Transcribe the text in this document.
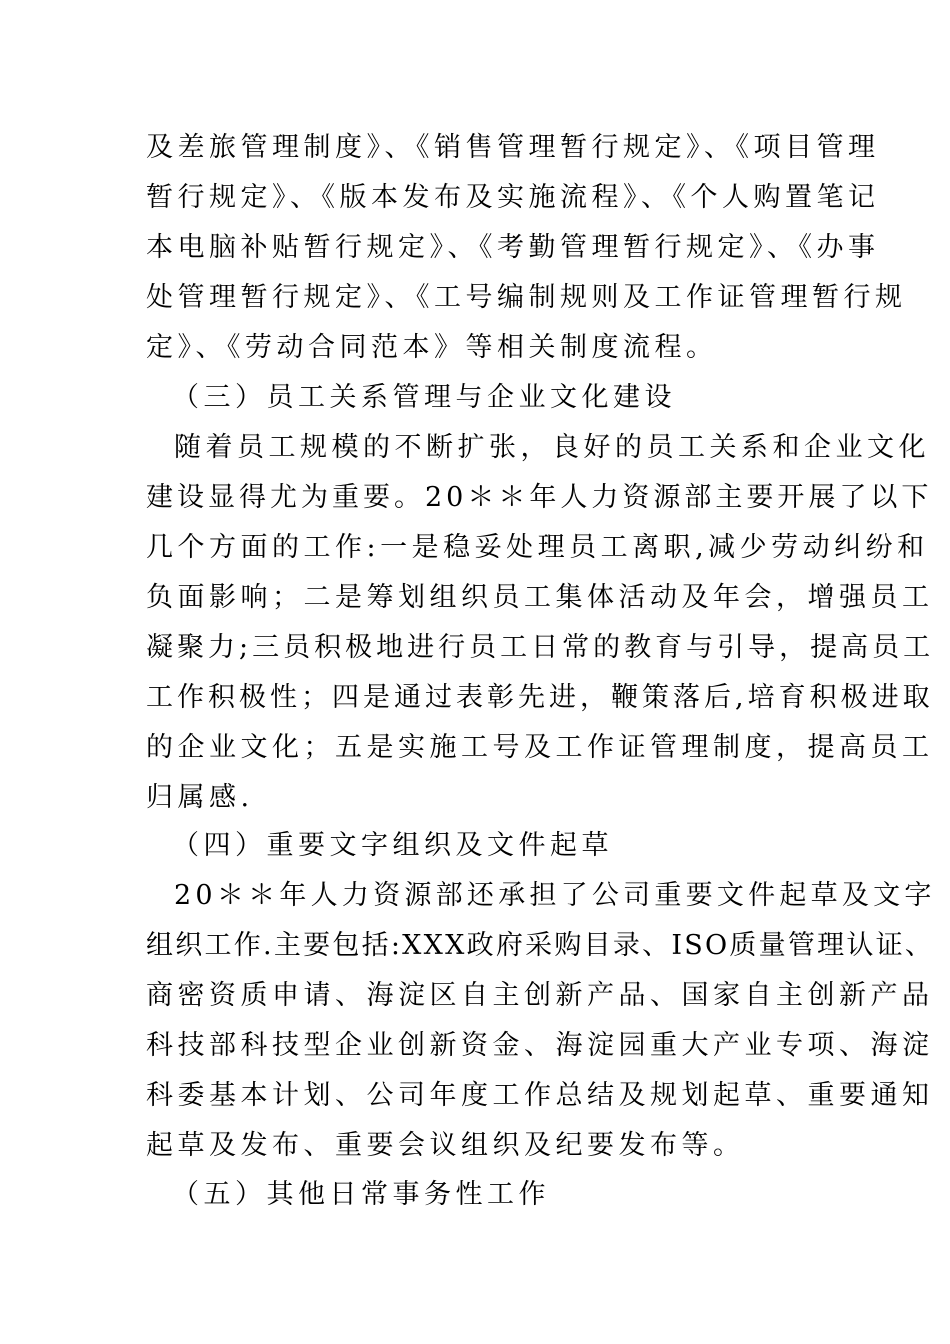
及差旅管理制度》、《销售管理暂行规定》、《项目管理
暂行规定》、《版本发布及实施流程》、《个人购置笔记
本电脑补贴暂行规定》、《考勤管理暂行规定》、《办事
处管理暂行规定》、《工号编制规则及工作证管理暂行规
定》、《劳动合同范本》等相关制度流程。
（三）员工关系管理与企业文化建设
随着员工规模的不断扩张，良好的员工关系和企业文化
建设显得尤为重要。20＊＊年人力资源部主要开展了以下
几个方面的工作:一是稳妥处理员工离职,减少劳动纠纷和
负面影响；二是筹划组织员工集体活动及年会，增强员工
凝聚力;三员积极地进行员工日常的教育与引导，提高员工
工作积极性；四是通过表彰先进，鞭策落后,培育积极进取
的企业文化；五是实施工号及工作证管理制度，提高员工
归属感.
（四）重要文字组织及文件起草
20＊＊年人力资源部还承担了公司重要文件起草及文字
组织工作.主要包括:XXX政府采购目录、ISO质量管理认证、
商密资质申请、海淀区自主创新产品、国家自主创新产品
科技部科技型企业创新资金、海淀园重大产业专项、海淀
科委基本计划、公司年度工作总结及规划起草、重要通知
起草及发布、重要会议组织及纪要发布等。
（五）其他日常事务性工作
